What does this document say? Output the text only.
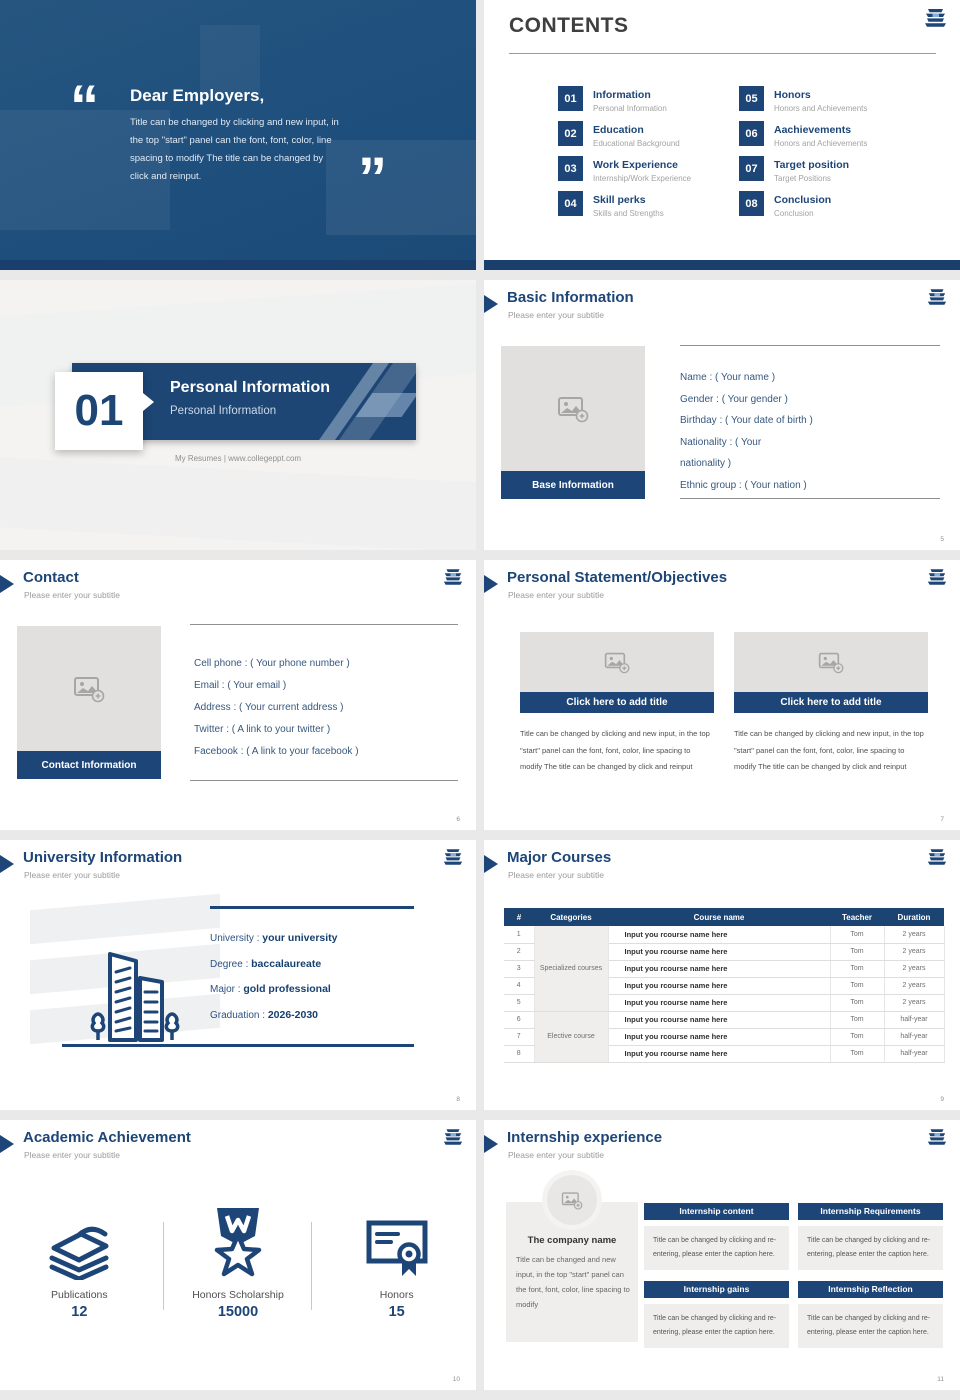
“ Dear Employers,
Title can be changed by clicking and new input, in the top "start" panel can the font, font, color, line spacing to modify The title can be changed by click and reinput.	”
CONTENTS
01	Information
Personal Information
02	Education
Educational Background
03	Work Experience
Internship/Work Experience
04	Skill perks
Skills and Strengths
05	Honors
Honors and Achievements
06	Aachievements
Honors and Achievements
07	Target position
Target Positions
08	Conclusion
Conclusion
Personal Information
Personal Information
01
My Resumes | www.collegeppt.com
Basic Information
Please enter your subtitle
Base Information
Name : ( Your name )
Gender : ( Your gender )
Birthday : ( Your date of birth )
Nationality : ( Your
nationality )
Ethnic group : ( Your nation )
5
Contact
Please enter your subtitle
Contact Information
Cell phone : ( Your phone number )
Email : ( Your email )
Address : ( Your current address )
Twitter : ( A link to your twitter )
Facebook : ( A link to your facebook )
6
Personal Statement/Objectives
Please enter your subtitle
Click here to add title
Title can be changed by clicking and new input, in the top "start" panel can the font, font, color, line spacing to modify The title can be changed by click and reinput
Click here to add title
Title can be changed by clicking and new input, in the top "start" panel can the font, font, color, line spacing to modify The title can be changed by click and reinput
7
University Information
Please enter your subtitle
University : your university
Degree : baccalaureate
Major : gold professional
Graduation : 2026-2030
8
Major Courses
Please enter your subtitle
#	Categories	Course name	Teacher	Duration
1	Specialized courses	Input you rcourse name here	Tom	2 years
2		Input you rcourse name here	Tom	2 years
3		Input you rcourse name here	Tom	2 years
4		Input you rcourse name here	Tom	2 years
5		Input you rcourse name here	Tom	2 years
6	Elective course	Input you rcourse name here	Tom	half-year
7		Input you rcourse name here	Tom	half-year
8		Input you rcourse name here	Tom	half-year
9
Academic Achievement
Please enter your subtitle
Publications
12
Honors Scholarship
15000
Honors
15
10
Internship experience
Please enter your subtitle
The company name
Title can be changed and new input, in the top "start" panel can the font, font, color, line spacing to modify
Internship content
Title can be changed by clicking and re-entering, please enter the caption here.
Internship Requirements
Title can be changed by clicking and re-entering, please enter the caption here.
Internship gains
Title can be changed by clicking and re-entering, please enter the caption here.
Internship Reflection
Title can be changed by clicking and re-entering, please enter the caption here.
11
